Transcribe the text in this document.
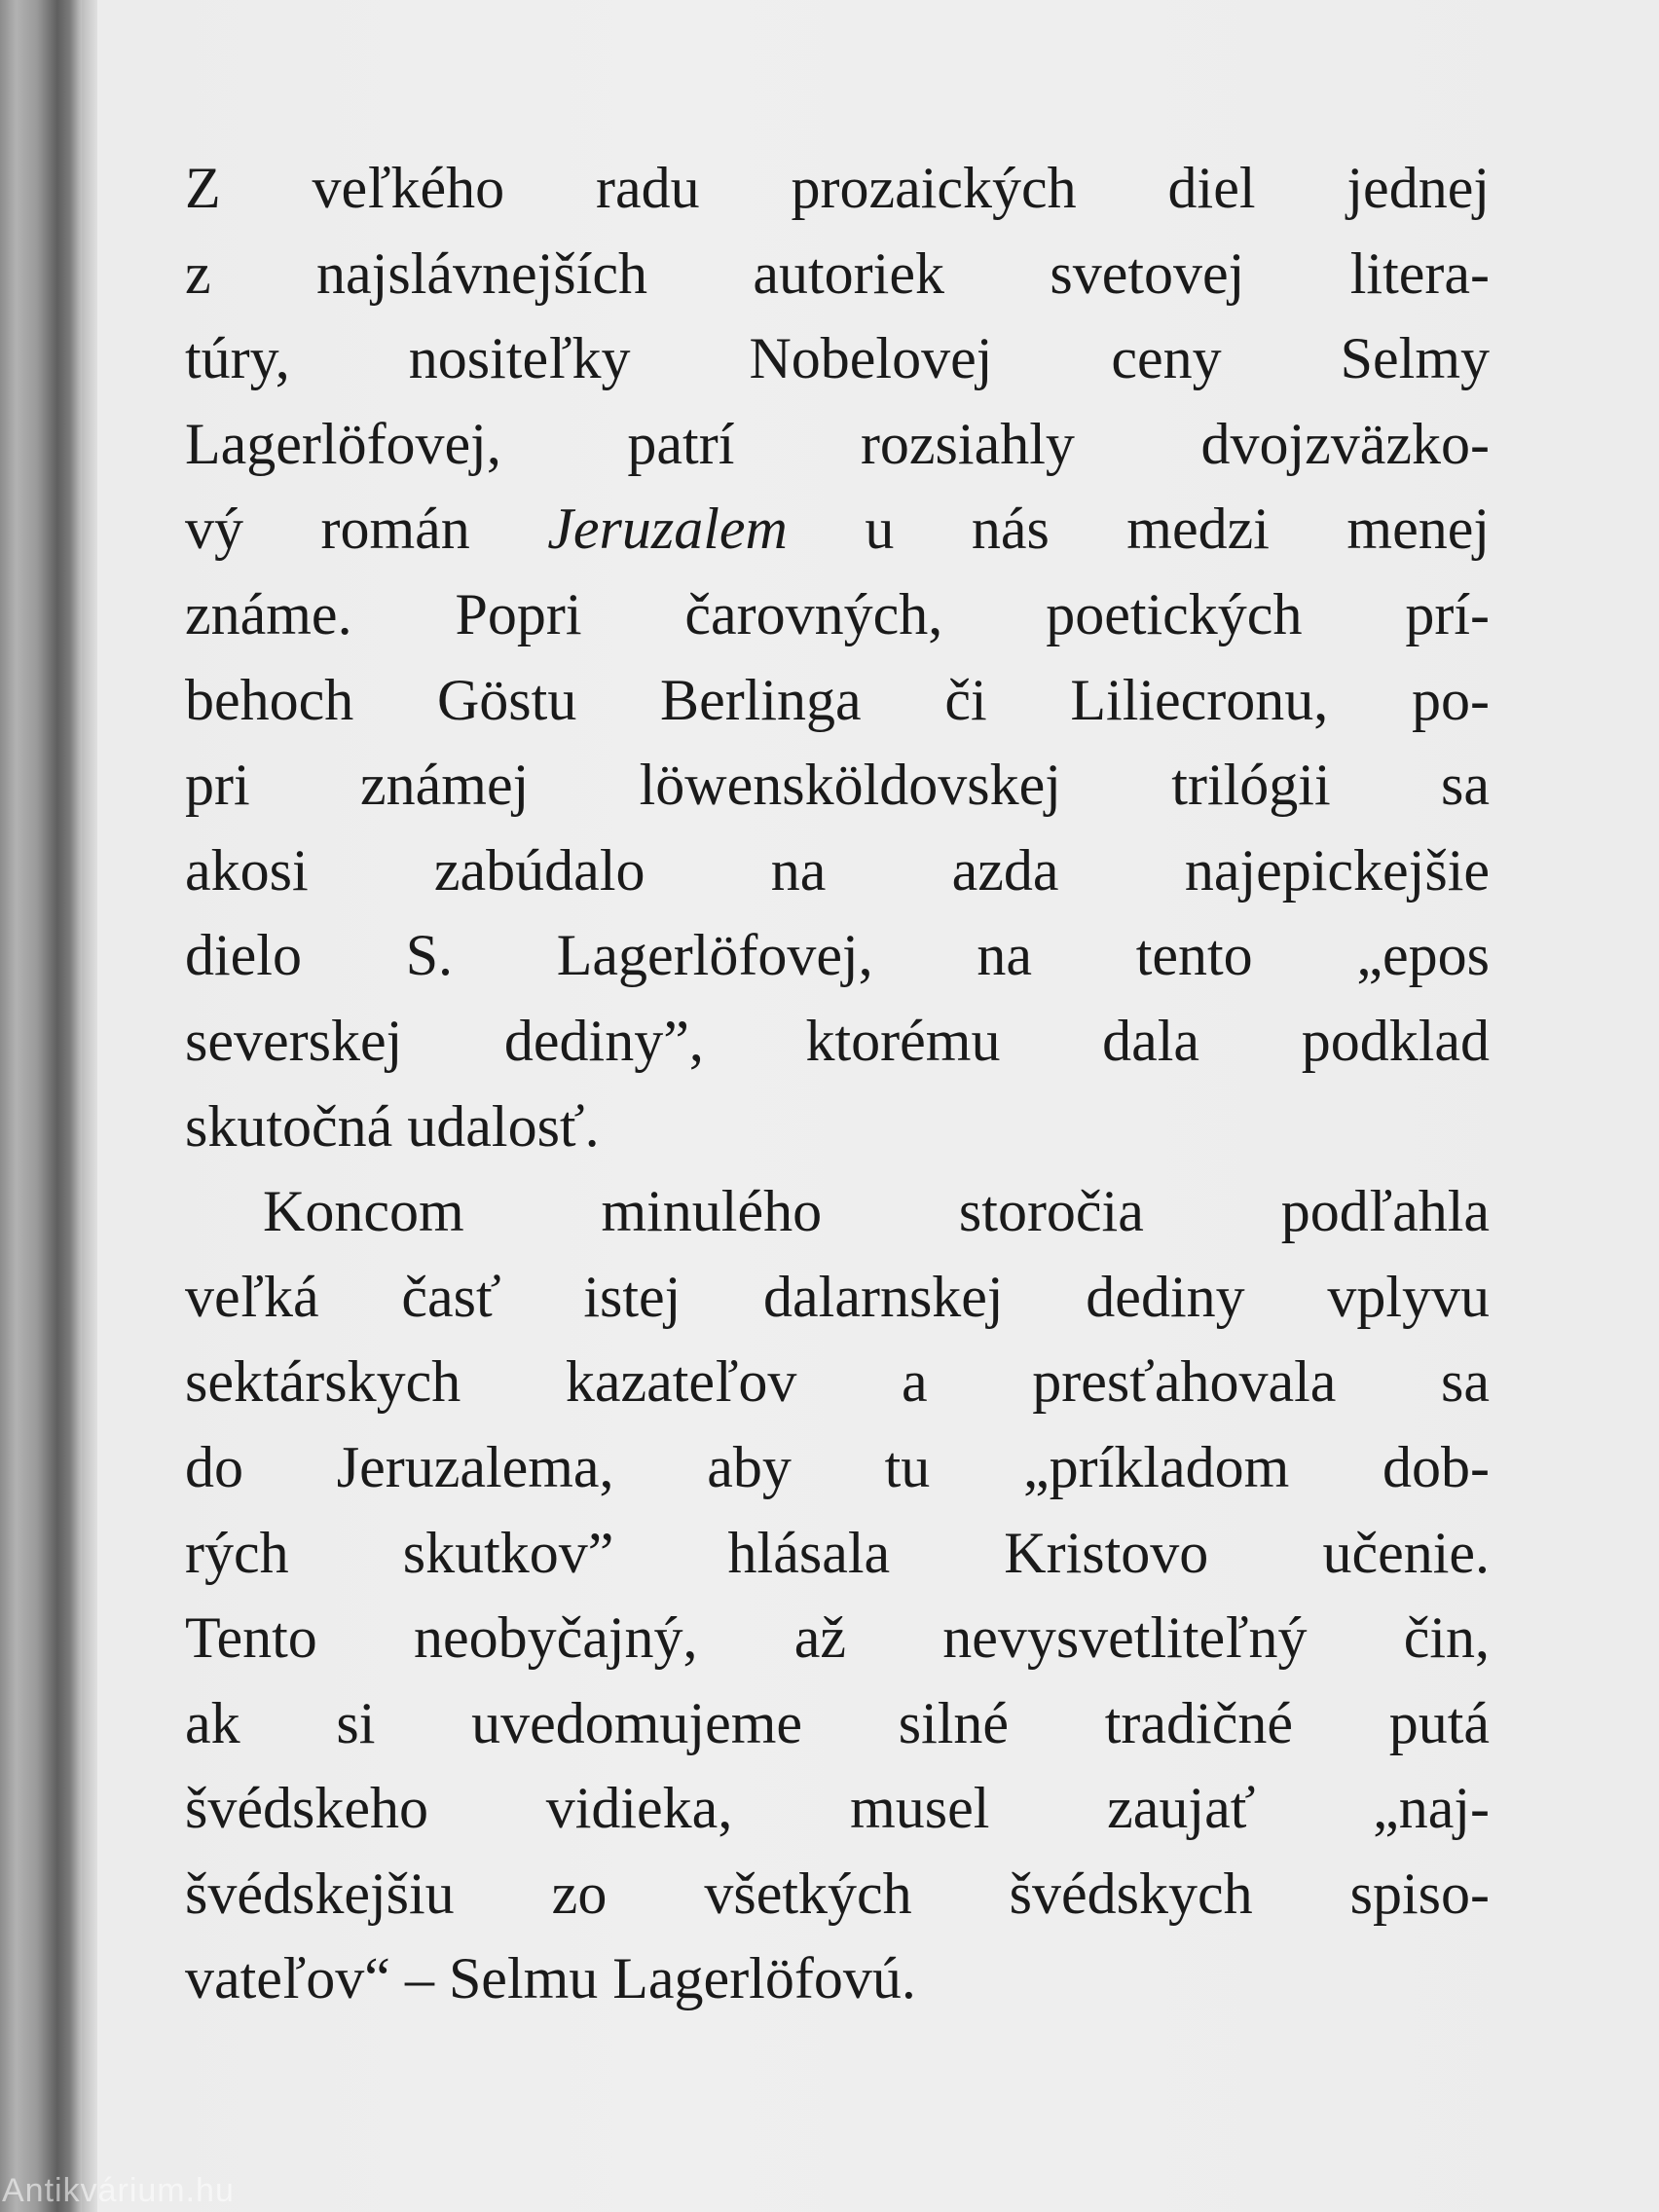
Z veľkého radu prozaických diel jednej
z najslávnejších autoriek svetovej litera-
túry, nositeľky Nobelovej ceny Selmy
Lagerlöfovej, patrí rozsiahly dvojzväzko-
vý román Jeruzalem u nás medzi menej
známe. Popri čarovných, poetických prí-
behoch Göstu Berlinga či Liliecronu, po-
pri známej löwensköldovskej trilógii sa
akosi zabúdalo na azda najepickejšie
dielo S. Lagerlöfovej, na tento „epos
severskej dediny”, ktorému dala podklad
skutočná udalosť.
Koncom minulého storočia podľahla
veľká časť istej dalarnskej dediny vplyvu
sektárskych kazateľov a presťahovala sa
do Jeruzalema, aby tu „príkladom dob-
rých skutkov” hlásala Kristovo učenie.
Tento neobyčajný, až nevysvetliteľný čin,
ak si uvedomujeme silné tradičné putá
švédskeho vidieka, musel zaujať „naj-
švédskejšiu zo všetkých švédskych spiso-
vateľov“ – Selmu Lagerlöfovú.
Antikvárium.hu
